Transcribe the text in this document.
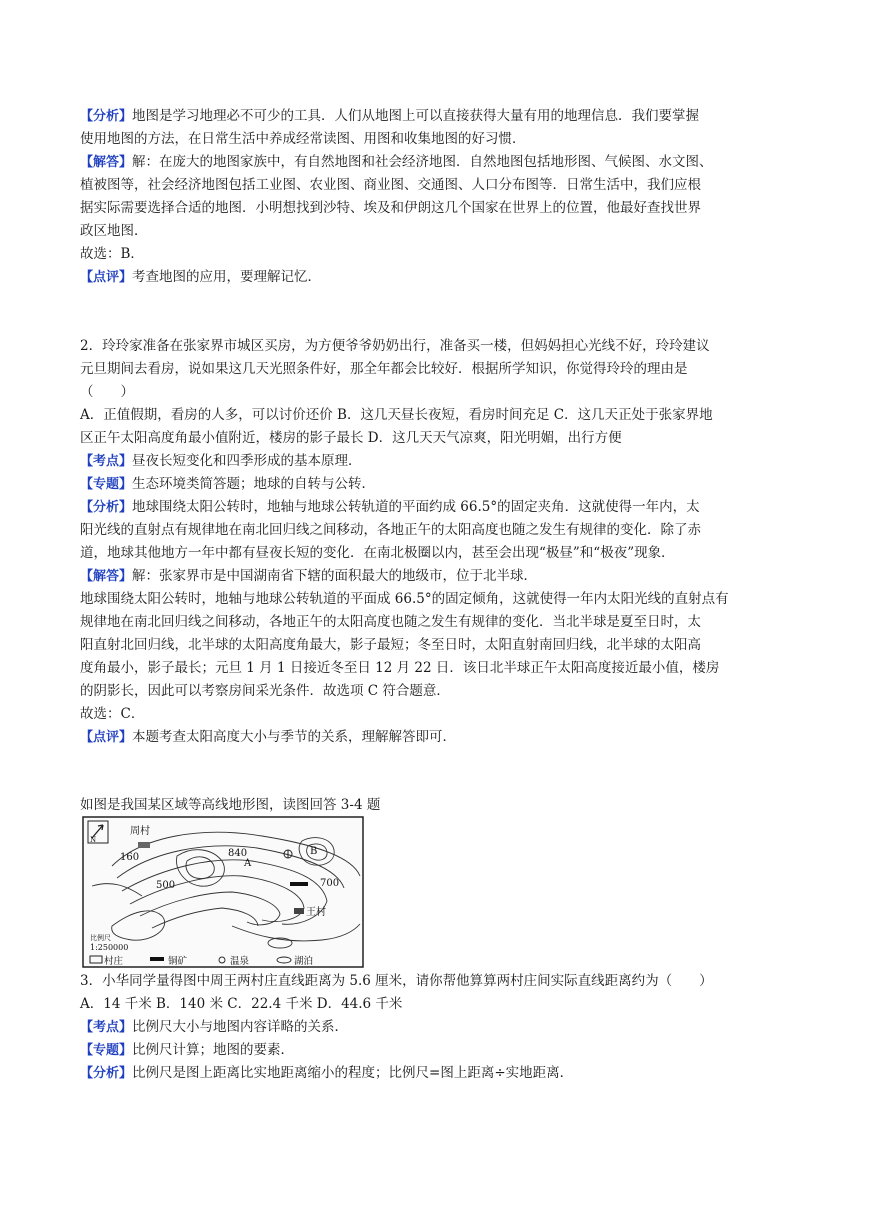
【分析】地图是学习地理必不可少的工具．人们从地图上可以直接获得大量有用的地理信息．我们要掌握
使用地图的方法，在日常生活中养成经常读图、用图和收集地图的好习惯．
【解答】解：在庞大的地图家族中，有自然地图和社会经济地图．自然地图包括地形图、气候图、水文图、
植被图等，社会经济地图包括工业图、农业图、商业图、交通图、人口分布图等．日常生活中，我们应根
据实际需要选择合适的地图．小明想找到沙特、埃及和伊朗这几个国家在世界上的位置，他最好查找世界
政区地图．
故选：B．
【点评】考查地图的应用，要理解记忆．
2．玲玲家准备在张家界市城区买房，为方便爷爷奶奶出行，准备买一楼，但妈妈担心光线不好，玲玲建议
元旦期间去看房，说如果这几天光照条件好，那全年都会比较好．根据所学知识，你觉得玲玲的理由是
（　　）
A．正值假期，看房的人多，可以讨价还价 B．这几天昼长夜短，看房时间充足 C．这几天正处于张家界地
区正午太阳高度角最小值附近，楼房的影子最长 D．这几天天气凉爽，阳光明媚，出行方便
【考点】昼夜长短变化和四季形成的基本原理．
【专题】生态环境类简答题；地球的自转与公转．
【分析】地球围绕太阳公转时，地轴与地球公转轨道的平面约成 66.5°的固定夹角．这就使得一年内，太
阳光线的直射点有规律地在南北回归线之间移动，各地正午的太阳高度也随之发生有规律的变化．除了赤
道，地球其他地方一年中都有昼夜长短的变化．在南北极圈以内，甚至会出现“极昼”和“极夜”现象．
【解答】解：张家界市是中国湖南省下辖的面积最大的地级市，位于北半球．
地球围绕太阳公转时，地轴与地球公转轨道的平面成 66.5°的固定倾角，这就使得一年内太阳光线的直射点有
规律地在南北回归线之间移动，各地正午的太阳高度也随之发生有规律的变化．当北半球是夏至日时，太
阳直射北回归线，北半球的太阳高度角最大，影子最短；冬至日时，太阳直射南回归线，北半球的太阳高
度角最小，影子最长；元旦 1 月 1 日接近冬至日 12 月 22 日．该日北半球正午太阳高度接近最小值，楼房
的阴影长，因此可以考察房间采光条件．故选项 C 符合题意．
故选：C．
【点评】本题考查太阳高度大小与季节的关系，理解解答即可．
如图是我国某区域等高线地形图，读图回答 3-4 题
N
周村
王村
160	840
500	700
A
B
比例尺
1:250000
村庄	铜矿	温泉	湖泊
3．小华同学量得图中周王两村庄直线距离为 5.6 厘米，请你帮他算算两村庄间实际直线距离约为（　　）
A．14 千米 B．140 米 C．22.4 千米 D．44.6 千米
【考点】比例尺大小与地图内容详略的关系．
【专题】比例尺计算；地图的要素．
【分析】比例尺是图上距离比实地距离缩小的程度；比例尺=图上距离÷实地距离．
